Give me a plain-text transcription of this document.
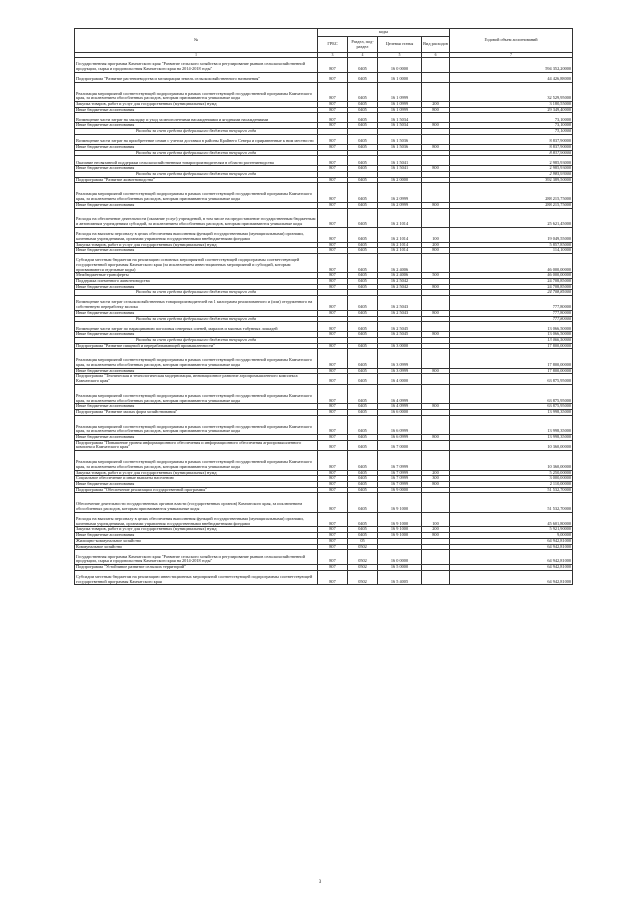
№	коды				Годовой объем ассигнований
	ГРБС	Раздел, под-раздел	Целевая статья	Вид расходов	
1	3	4	5	6	7
Государственная программа Камчатского края "Развитие сельского хозяйства и регулирование рынков сельскохозяйственной продукции, сырья и продовольствия Камчатского края на 2014-2018 годы"	807	0405	16 0 0000		594 352,20000
Подпрограмма "Развитие растениеводства и мелиорации земель сельскохозяйственного назначения"	807	0405	16 1 0000		44 426,88000
Реализация мероприятий соответствующей подпрограммы в рамках соответствующей государственной программы Камчатского края, за исключением обособленных расходов, которым присваиваются уникальные коды	807	0405	16 1 0999		32 529,95000
Закупка товаров, работ и услуг для государственных (муниципальных) нужд	807	0405	16 1 0999	200	3 180,55000
Иные бюджетные ассигнования	807	0405	16 1 0999	800	29 349,40000
Возмещение части затрат на закладку и уход за многолетними насаждениями и ягодными насаждениями	807	0405	16 1 5034		73,10000
Иные бюджетные ассигнования	807	0405	16 1 5034	800	73,10000
Расходы за счет средств федерального бюджета текущего года					73,10000
Возмещение части затрат на приобретение семян с учетом доставки в районы Крайнего Севера и приравненные к ним местности	807	0405	16 1 5036		8 837,90000
Иные бюджетные ассигнования	807	0405	16 1 5036	800	8 837,90000
Расходы за счет средств федерального бюджета текущего года					8 837,90000
Оказание несвязанной поддержки сельскохозяйственным товаропроизводителям в области растениеводства	807	0405	16 1 5041		2 985,93000
Иные бюджетные ассигнования	807	0405	16 1 5041	800	2 985,93000
Расходы за счет средств федерального бюджета текущего года					2 985,93000
Подпрограмма "Развитие животноводства"	807	0405	16 2 0000		392 389,50000
Реализация мероприятий соответствующей подпрограммы в рамках соответствующей государственной программы Камчатского края, за исключением обособленных расходов, которым присваиваются уникальные коды	807	0405	16 2 0999		288 215,75000
Иные бюджетные ассигнования	807	0405	16 2 0999	800	288 215,75000
Расходы на обеспечение деятельности (оказание услуг) учреждений, в том числе на предоставление государственным бюджетным и автономным учреждениям субсидий, за исключением обособленных расходов, которым присваиваются уникальные коды	807	0405	16 2 1014		25 621,45000
Расходы на выплаты персоналу в целях обеспечения выполнения функций государственными (муниципальными) органами, казенными учреждениями, органами управления государственными внебюджетными фондами	807	0405	16 2 1014	100	19 049,55000
Закупка товаров, работ и услуг для государственных (муниципальных) нужд	807	0405	16 2 1014	200	5 857,85000
Иные бюджетные ассигнования	807	0405	16 2 1014	800	114,10000
Субсидии местным бюджетам на реализацию основных мероприятий соответствующей подпрограммы соответствующей государственной программы Камчатского края (за исключением инвестиционных мероприятий и субсидий, которым присваиваются отдельные коды)	807	0405	16 2 4006		46 000,00000
Межбюджетные трансферты	807	0405	16 2 4006	500	46 000,00000
Поддержка племенного животноводства	807	0405	16 2 5042		24 708,85000
Иные бюджетные ассигнования	807	0405	16 2 5042	800	24 708,85000
Расходы за счет средств федерального бюджета текущего года					24 708,85000
Возмещение части затрат сельскохозяйственных товаропроизводителей на 1 килограмм реализованного и (или) отгруженного на собственную переработку молока	807	0405	16 2 5043		777,80000
Иные бюджетные ассигнования	807	0405	16 2 5043	800	777,80000
Расходы за счет средств федерального бюджета текущего года					777,80000
Возмещение части затрат по наращиванию поголовья северных оленей, маралов и мясных табунных лошадей	807	0405	16 2 5045		13 066,50000
Иные бюджетные ассигнования	807	0405	16 2 5045	800	13 066,50000
Расходы за счет средств федерального бюджета текущего года					13 066,50000
Подпрограмма "Развитие пищевой и перерабатывающей промышленности"	807	0405	16 3 0000		17 800,00000
Реализация мероприятий соответствующей подпрограммы в рамках соответствующей государственной программы Камчатского края, за исключением обособленных расходов, которым присваиваются уникальные коды	807	0405	16 3 0999		17 800,00000
Иные бюджетные ассигнования	807	0405	16 3 0999	800	17 800,00000
Подпрограмма "Техническая и технологическая модернизация, инновационное развитие агропромышленного комплекса Камчатского края"	807	0405	16 4 0000		63 875,95000
Реализация мероприятий соответствующей подпрограммы в рамках соответствующей государственной программы Камчатского края, за исключением обособленных расходов, которым присваиваются уникальные коды	807	0405	16 4 0999		63 875,95000
Иные бюджетные ассигнования	807	0405	16 4 0999	800	63 875,95000
Подпрограмма "Развитие малых форм хозяйствования"	807	0405	16 6 0000		13 998,35000
Реализация мероприятий соответствующей подпрограммы в рамках соответствующей государственной программы Камчатского края, за исключением обособленных расходов, которым присваиваются уникальные коды	807	0405	16 6 0999		13 998,35000
Иные бюджетные ассигнования	807	0405	16 6 0999	800	13 998,35000
Подпрограмма "Повышение уровня информационного обеспечения и информационного обеспечения агропромышленного комплекса Камчатского края"	807	0405	16 7 0000		10 360,00000
Реализация мероприятий соответствующей подпрограммы в рамках соответствующей государственной программы Камчатского края, за исключением обособленных расходов, которым присваиваются уникальные коды	807	0405	16 7 0999		10 360,00000
Закупка товаров, работ и услуг для государственных (муниципальных) нужд	807	0405	16 7 0999	200	5 250,00000
Социальное обеспечение и иные выплаты населению	807	0405	16 7 0999	300	3 000,00000
Иные бюджетные ассигнования	807	0405	16 7 0999	800	2 110,00000
Подпрограмма "Обеспечение реализации государственной программы"	807	0405	16 9 0000		51 532,70000
Обеспечение деятельности государственных органов власти (государственных органов) Камчатского края, за исключением обособленных расходов, которым присваиваются уникальные коды	807	0405	16 9 1000		51 532,70000
Расходы на выплаты персоналу в целях обеспечения выполнения функций государственными (муниципальными) органами, казенными учреждениями, органами управления государственными внебюджетными фондами	807	0405	16 9 1000	100	45 601,80000
Закупка товаров, работ и услуг для государственных (муниципальных) нужд	807	0405	16 9 1000	200	5 921,90000
Иные бюджетные ассигнования	807	0405	16 9 1000	800	9,00000
Жилищно-коммунальное хозяйство	807	05			64 942,81000
Коммунальное хозяйство	807	0502			64 942,81000
Государственная программа Камчатского края "Развитие сельского хозяйства и регулирование рынков сельскохозяйственной продукции, сырья и продовольствия Камчатского края на 2014-2018 годы"	807	0502	16 0 0000		64 942,81000
Подпрограмма "Устойчивое развитие сельских территорий"	807	0502	16 5 0000		64 942,81000
Субсидии местным бюджетам на реализацию инвестиционных мероприятий соответствующей подпрограммы соответствующей государственной программы Камчатского края	807	0502	16 5 4005		64 942,81000
3
